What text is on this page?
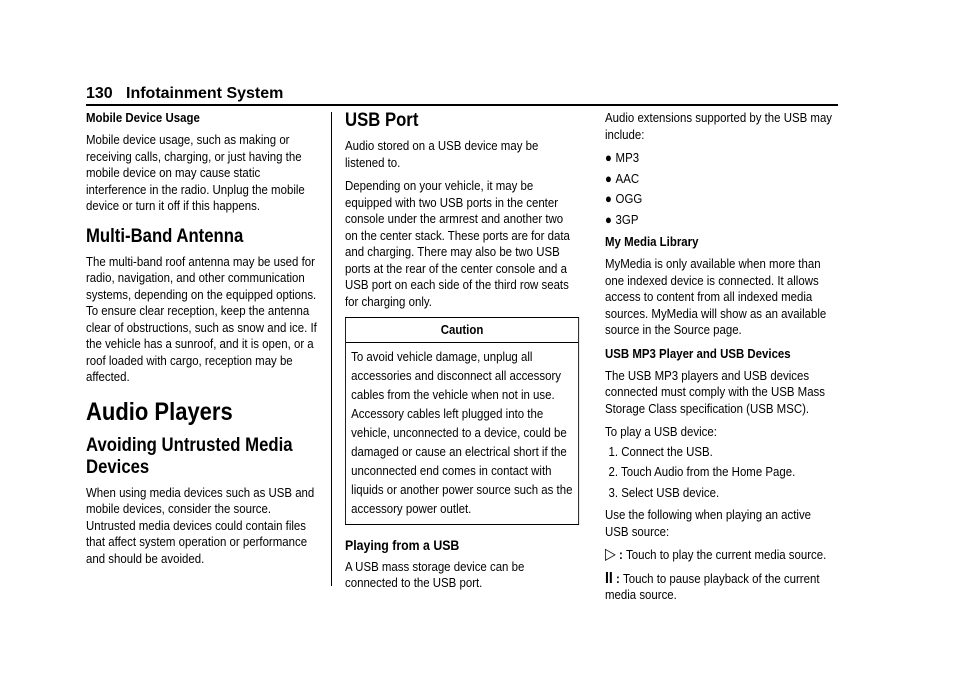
130 Infotainment System
Mobile Device Usage

Mobile device usage, such as making or receiving calls, charging, or just having the mobile device on may cause static interference in the radio. Unplug the mobile device or turn it off if this happens.

Multi-Band Antenna

The multi-band roof antenna may be used for radio, navigation, and other communication systems, depending on the equipped options. To ensure clear reception, keep the antenna clear of obstructions, such as snow and ice. If the vehicle has a sunroof, and it is open, or a roof loaded with cargo, reception may be affected.

Audio Players
Avoiding Untrusted Media Devices

When using media devices such as USB and mobile devices, consider the source. Untrusted media devices could contain files that affect system operation or performance and should be avoided.

USB Port

Audio stored on a USB device may be listened to.

Depending on your vehicle, it may be equipped with two USB ports in the center console under the armrest and another two on the center stack. These ports are for data and charging. There may also be two USB ports at the rear of the center console and a USB port on each side of the third row seats for charging only.

Caution
To avoid vehicle damage, unplug all accessories and disconnect all accessory cables from the vehicle when not in use. Accessory cables left plugged into the vehicle, unconnected to a device, could be damaged or cause an electrical short if the unconnected end comes in contact with liquids or another power source such as the accessory power outlet.
Playing from a USB

A USB mass storage device can be connected to the USB port.

Audio extensions supported by the USB may include:

● MP3
● AAC
● OGG
● 3GP
My Media Library

MyMedia is only available when more than one indexed device is connected. It allows access to content from all indexed media sources. MyMedia will show as an available source in the Source page.

USB MP3 Player and USB Devices

The USB MP3 players and USB devices connected must comply with the USB Mass Storage Class specification (USB MSC).

To play a USB device:

1. Connect the USB.
2. Touch Audio from the Home Page.
3. Select USB device.

Use the following when playing an active USB source:

▷ : Touch to play the current media source.

II : Touch to pause playback of the current media source.
